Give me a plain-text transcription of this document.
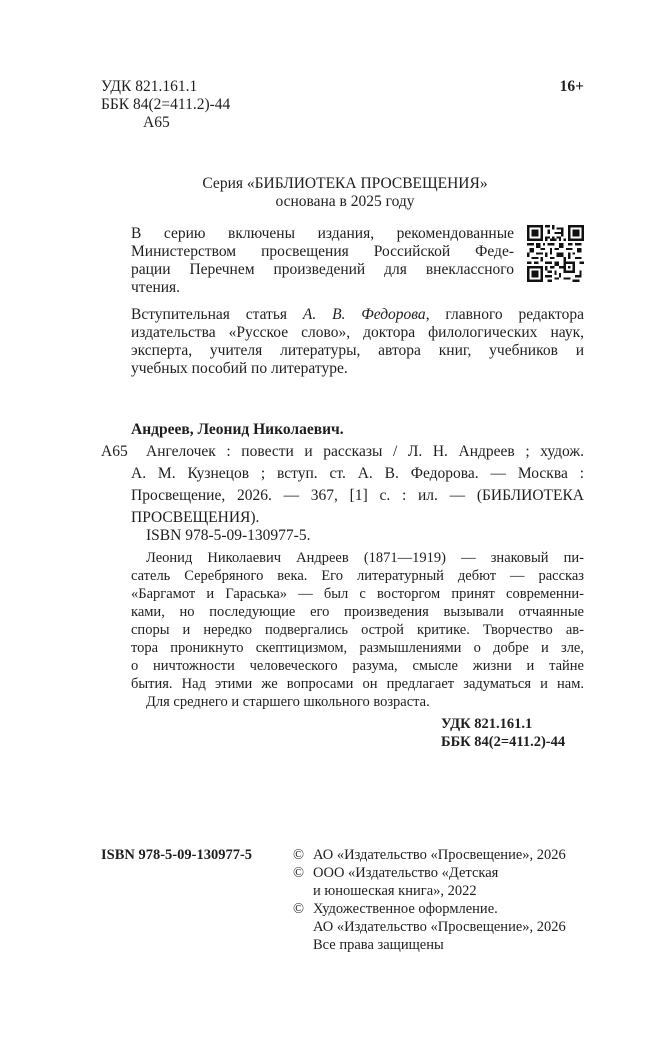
УДК 821.161.1
ББК 84(2=411.2)-44
А65
16+
Серия «БИБЛИОТЕКА ПРОСВЕЩЕНИЯ»
основана в 2025 году
В серию включены издания, рекомендованные
Министерством просвещения Российской Феде-
рации Перечнем произведений для внеклассного
чтения.
Вступительная статья А. В. Федорова, главного редактора
издательства «Русское слово», доктора филологических наук,
эксперта, учителя литературы, автора книг, учебников и
учебных пособий по литературе.
Андреев, Леонид Николаевич.
А65 Ангелочек : повести и рассказы / Л. Н. Андреев ; худож.
А. М. Кузнецов ; вступ. ст. А. В. Федорова. — Москва :
Просвещение, 2026. — 367, [1] с. : ил. — (БИБЛИОТЕКА
ПРОСВЕЩЕНИЯ).
ISBN 978-5-09-130977-5.
Леонид Николаевич Андреев (1871—1919) — знаковый пи-
сатель Серебряного века. Его литературный дебют — рассказ
«Баргамот и Гараська» — был с восторгом принят современни-
ками, но последующие его произведения вызывали отчаянные
споры и нередко подвергались острой критике. Творчество ав-
тора проникнуто скептицизмом, размышлениями о добре и зле,
о ничтожности человеческого разума, смысле жизни и тайне
бытия. Над этими же вопросами он предлагает задуматься и нам.
Для среднего и старшего школьного возраста.
УДК 821.161.1
ББК 84(2=411.2)-44
ISBN 978-5-09-130977-5	© АО «Издательство «Просвещение», 2026
© ООО «Издательство «Детская
и юношеская книга», 2022
© Художественное оформление.
АО «Издательство «Просвещение», 2026
Все права защищены
